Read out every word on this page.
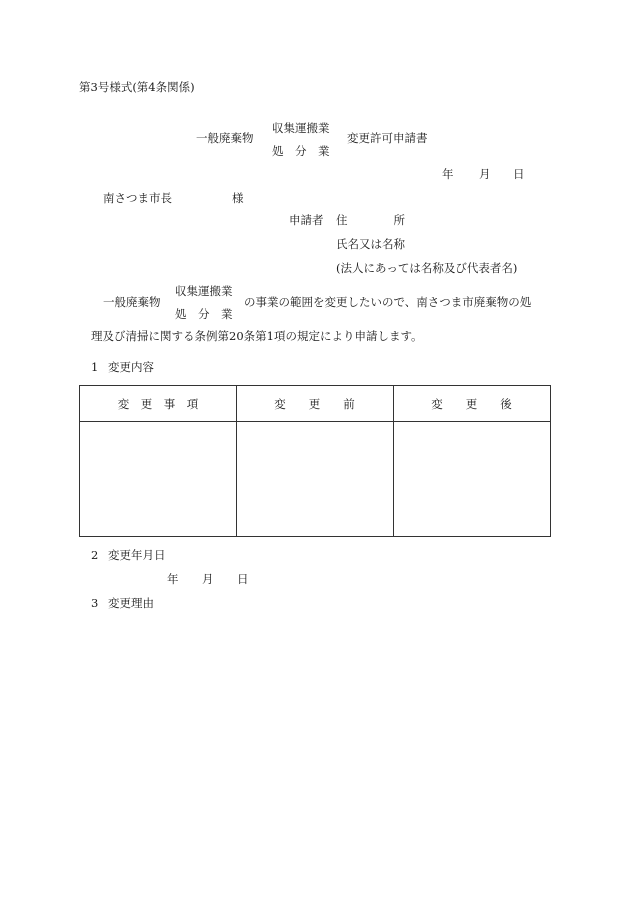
第3号様式(第4条関係)
一般廃棄物
収集運搬業
処　分　業
変更許可申請書
年 月 日
南さつま市長	様
申請者 住　　　　所
氏名又は名称
(法人にあっては名称及び代表者名)
一般廃棄物
収集運搬業
処　分　業
の事業の範囲を変更したいので、南さつま市廃棄物の処
理及び清掃に関する条例第20条第1項の規定により申請します。
1 変更内容
変　更　事　項	変　　更　　前	変　　更　　後
2 変更年月日
年 月 日
3 変更理由
